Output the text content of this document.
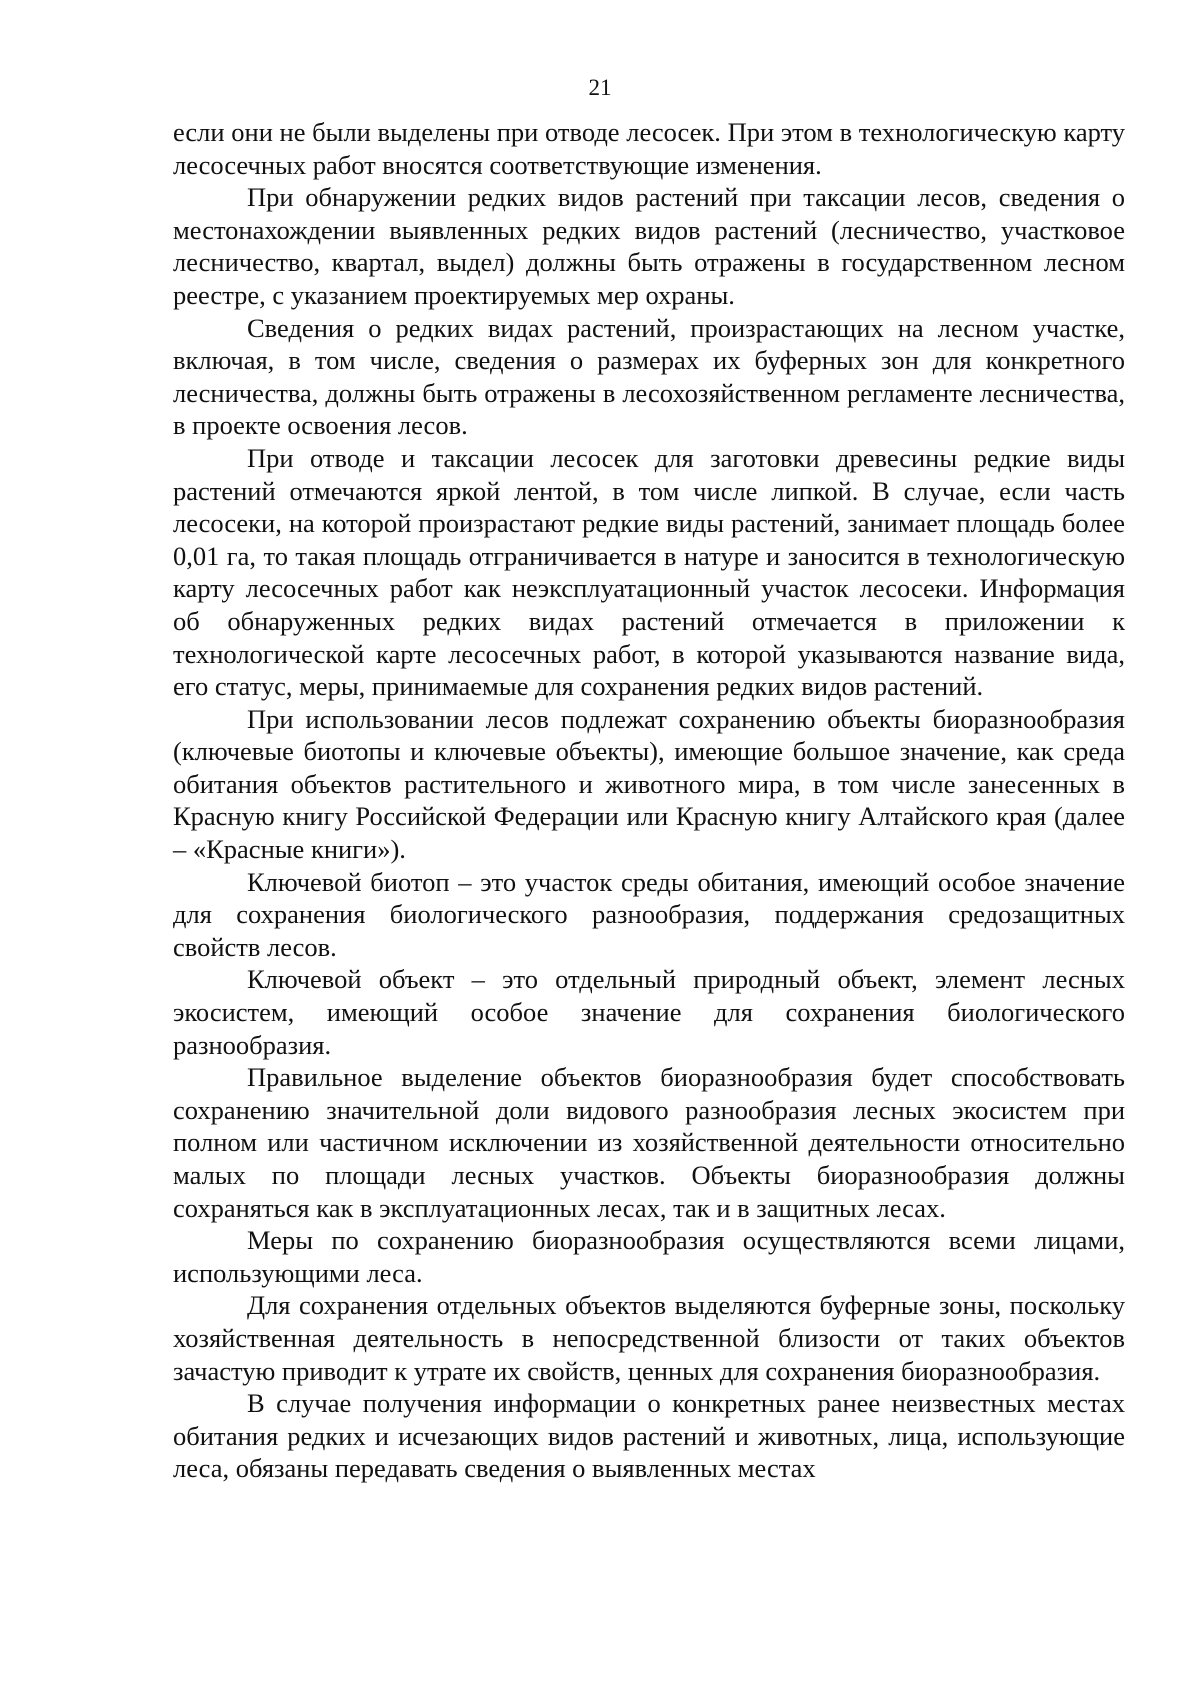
21

если они не были выделены при отводе лесосек. При этом в технологическую карту лесосечных работ вносятся соответствующие изменения.

При обнаружении редких видов растений при таксации лесов, сведения о местонахождении выявленных редких видов растений (лесничество, участковое лесничество, квартал, выдел) должны быть отражены в государственном лесном реестре, с указанием проектируемых мер охраны.

Сведения о редких видах растений, произрастающих на лесном участке, включая, в том числе, сведения о размерах их буферных зон для конкретного лесничества, должны быть отражены в лесохозяйственном регламенте лесничества, в проекте освоения лесов.

При отводе и таксации лесосек для заготовки древесины редкие виды растений отмечаются яркой лентой, в том числе липкой. В случае, если часть лесосеки, на которой произрастают редкие виды растений, занимает площадь более 0,01 га, то такая площадь отграничивается в натуре и заносится в технологическую карту лесосечных работ как неэксплуатационный участок лесосеки. Информация об обнаруженных редких видах растений отмечается в приложении к технологической карте лесосечных работ, в которой указываются название вида, его статус, меры, принимаемые для сохранения редких видов растений.

При использовании лесов подлежат сохранению объекты биоразнообразия (ключевые биотопы и ключевые объекты), имеющие большое значение, как среда обитания объектов растительного и животного мира, в том числе занесенных в Красную книгу Российской Федерации или Красную книгу Алтайского края (далее – «Красные книги»).

Ключевой биотоп – это участок среды обитания, имеющий особое значение для сохранения биологического разнообразия, поддержания средозащитных свойств лесов.

Ключевой объект – это отдельный природный объект, элемент лесных экосистем, имеющий особое значение для сохранения биологического разнообразия.

Правильное выделение объектов биоразнообразия будет способствовать сохранению значительной доли видового разнообразия лесных экосистем при полном или частичном исключении из хозяйственной деятельности относительно малых по площади лесных участков. Объекты биоразнообразия должны сохраняться как в эксплуатационных лесах, так и в защитных лесах.

Меры по сохранению биоразнообразия осуществляются всеми лицами, использующими леса.

Для сохранения отдельных объектов выделяются буферные зоны, поскольку хозяйственная деятельность в непосредственной близости от таких объектов зачастую приводит к утрате их свойств, ценных для сохранения биоразнообразия.

В случае получения информации о конкретных ранее неизвестных местах обитания редких и исчезающих видов растений и животных, лица, использующие леса, обязаны передавать сведения о выявленных местах
